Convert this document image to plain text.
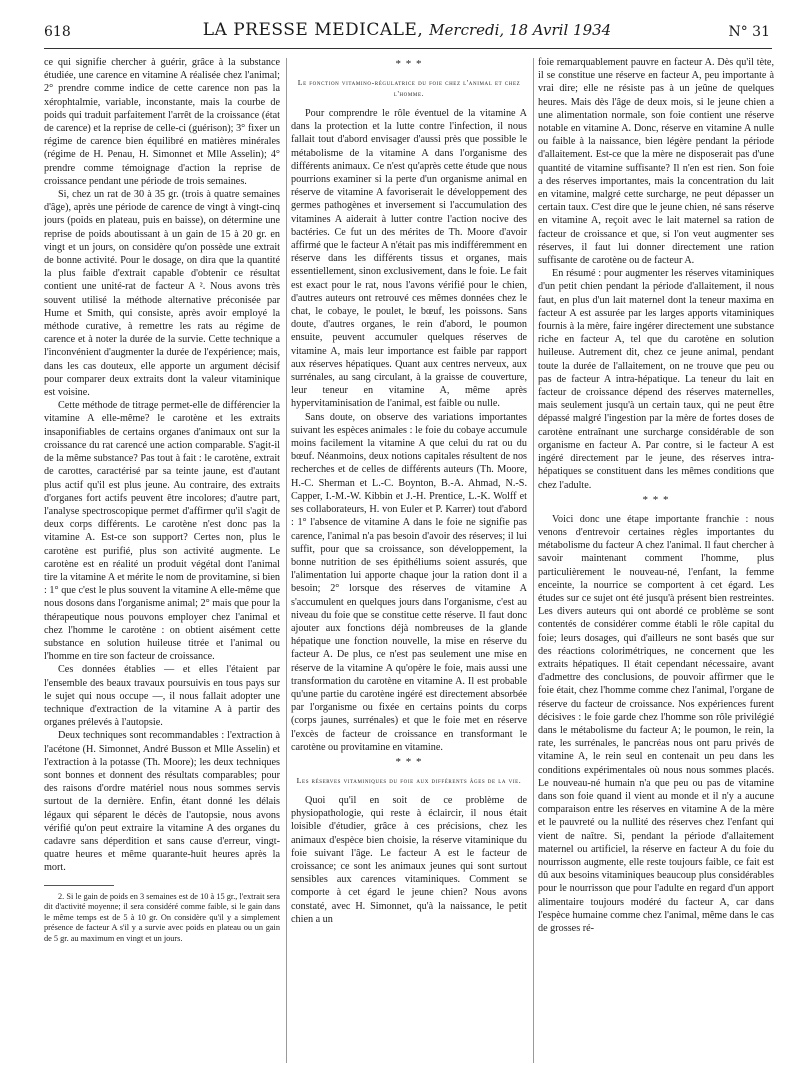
618	LA PRESSE MEDICALE, Mercredi, 18 Avril 1934	N° 31

ce qui signifie chercher à guérir, grâce à la substance étudiée, une carence en vitamine A réalisée chez l'animal; 2° prendre comme indice de cette carence non pas la xérophtalmie, variable, inconstante, mais la courbe de poids qui traduit parfaitement l'arrêt de la croissance (état de carence) et la reprise de celle-ci (guérison); 3° fixer un régime de carence bien équilibré en matières minérales (régime de H. Penau, H. Simonnet et Mlle Asselin); 4° prendre comme témoignage d'action la reprise de croissance pendant une période de trois semaines.

Si, chez un rat de 30 à 35 gr. (trois à quatre semaines d'âge), après une période de carence de vingt à vingt-cinq jours (poids en plateau, puis en baisse), on détermine une reprise de poids aboutissant à un gain de 15 à 20 gr. en vingt et un jours, on considère qu'on possède une extrait de bonne activité. Pour le dosage, on dira que la quantité la plus faible d'extrait capable d'obtenir ce résultat contient une unité-rat de facteur A ². Nous avons très souvent utilisé la méthode alternative préconisée par Hume et Smith, qui consiste, après avoir employé la méthode curative, à remettre les rats au régime de carence et à noter la durée de la survie. Cette technique a l'inconvénient d'augmenter la durée de l'expérience; mais, dans les cas douteux, elle apporte un argument décisif pour comparer deux extraits dont la valeur vitaminique est voisine.

Cette méthode de titrage permet-elle de différencier la vitamine A elle-même? le carotène et les extraits insaponifiables de certains organes d'animaux ont sur la croissance du rat carencé une action comparable. S'agit-il de la même substance? Pas tout à fait : le carotène, extrait de carottes, caractérisé par sa teinte jaune, est d'autant plus actif qu'il est plus jeune. Au contraire, des extraits d'organes fort actifs peuvent être incolores; d'autre part, l'analyse spectroscopique permet d'affirmer qu'il s'agit de deux corps différents. Le carotène n'est donc pas la vitamine A. Est-ce son support? Certes non, plus le carotène est purifié, plus son activité augmente. Le carotène est en réalité un produit végétal dont l'animal tire la vitamine A et mérite le nom de provitamine, si bien : 1° que c'est le plus souvent la vitamine A elle-même que nous dosons dans l'organisme animal; 2° mais que pour la thérapeutique nous pouvons employer chez l'animal et chez l'homme le carotène : on obtient aisément cette substance en solution huileuse titrée et l'animal ou l'homme en tire son facteur de croissance.

Ces données établies — et elles l'étaient par l'ensemble des beaux travaux poursuivis en tous pays sur le sujet qui nous occupe —, il nous fallait adopter une technique d'extraction de la vitamine A à partir des organes prélevés à l'autopsie.

Deux techniques sont recommandables : l'extraction à l'acétone (H. Simonnet, André Busson et Mlle Asselin) et l'extraction à la potasse (Th. Moore); les deux techniques sont bonnes et donnent des résultats comparables; pour des raisons d'ordre matériel nous nous sommes servis surtout de la dernière. Enfin, étant donné les délais légaux qui séparent le décès de l'autopsie, nous avons vérifié qu'on peut extraire la vitamine A des organes du cadavre sans déperdition et sans cause d'erreur, vingt-quatre heures et même quarante-huit heures après la mort.

2. Si le gain de poids en 3 semaines est de 10 à 15 gr., l'extrait sera dit d'activité moyenne; il sera considéré comme faible, si le gain dans le même temps est de 5 à 10 gr. On considère qu'il y a simplement présence de facteur A s'il y a survie avec poids en plateau ou un gain de 5 gr. au maximum en vingt et un jours.

* * *
Le fonction vitamino-régulatrice du foie chez l'animal et chez l'homme.

Pour comprendre le rôle éventuel de la vitamine A dans la protection et la lutte contre l'infection, il nous fallait tout d'abord envisager d'aussi près que possible le métabolisme de la vitamine A dans l'organisme des différents animaux. Ce n'est qu'après cette étude que nous pourrions examiner si la perte d'un organisme animal en réserve de vitamine A favoriserait le développement des germes pathogènes et inversement si l'accumulation des vitamines A aiderait à lutter contre l'action nocive des bactéries. Ce fut un des mérites de Th. Moore d'avoir affirmé que le facteur A n'était pas mis indifféremment en réserve dans les différents tissus et organes, mais essentiellement, sinon exclusivement, dans le foie. Le fait est exact pour le rat, nous l'avons vérifié pour le chien, d'autres auteurs ont retrouvé ces mêmes données chez le chat, le cobaye, le poulet, le bœuf, les poissons. Sans doute, d'autres organes, le rein d'abord, le poumon ensuite, peuvent accumuler quelques réserves de vitamine A, mais leur importance est faible par rapport aux réserves hépatiques. Quant aux centres nerveux, aux surrénales, au sang circulant, à la graisse de couverture, leur teneur en vitamine A, même après hypervitaminisation de l'animal, est faible ou nulle.

Sans doute, on observe des variations importantes suivant les espèces animales : le foie du cobaye accumule moins facilement la vitamine A que celui du rat ou du bœuf. Néanmoins, deux notions capitales résultent de nos recherches et de celles de différents auteurs (Th. Moore, H.-C. Sherman et L.-C. Boynton, B.-A. Ahmad, N.-S. Capper, I.-M.-W. Kibbin et J.-H. Prentice, L.-K. Wolff et ses collaborateurs, H. von Euler et P. Karrer) tout d'abord : 1° l'absence de vitamine A dans le foie ne signifie pas carence, l'animal n'a pas besoin d'avoir des réserves; il lui suffit, pour que sa croissance, son développement, la bonne nutrition de ses épithéliums soient assurés, que l'alimentation lui apporte chaque jour la ration dont il a besoin; 2° lorsque des réserves de vitamine A s'accumulent en quelques jours dans l'organisme, c'est au niveau du foie que se constitue cette réserve. Il faut donc ajouter aux fonctions déjà nombreuses de la glande hépatique une fonction nouvelle, la mise en réserve du facteur A. De plus, ce n'est pas seulement une mise en réserve de la vitamine A qu'opère le foie, mais aussi une transformation du carotène en vitamine A. Il est probable qu'une partie du carotène ingéré est directement absorbée par l'organisme ou fixée en certains points du corps (corps jaunes, surrénales) et que le foie met en réserve l'excès de facteur de croissance en transformant le carotène ou provitamine en vitamine.

* * *
Les réserves vitaminiques du foie aux différents âges de la vie.

Quoi qu'il en soit de ce problème de physiopathologie, qui reste à éclaircir, il nous était loisible d'étudier, grâce à ces précisions, chez les animaux d'espèce bien choisie, la réserve vitaminique du foie suivant l'âge. Le facteur A est le facteur de croissance; ce sont les animaux jeunes qui sont surtout sensibles aux carences vitaminiques. Comment se comporte à cet égard le jeune chien? Nous avons constaté, avec H. Simonnet, qu'à la naissance, le petit chien a un

foie remarquablement pauvre en facteur A. Dès qu'il tète, il se constitue une réserve en facteur A, peu importante à vrai dire; elle ne résiste pas à un jeûne de quelques heures. Mais dès l'âge de deux mois, si le jeune chien a une alimentation normale, son foie contient une réserve notable en vitamine A. Donc, réserve en vitamine A nulle ou faible à la naissance, bien légère pendant la période d'allaitement. Est-ce que la mère ne disposerait pas d'une quantité de vitamine suffisante? Il n'en est rien. Son foie a des réserves importantes, mais la concentration du lait en vitamine, malgré cette surcharge, ne peut dépasser un certain taux. C'est dire que le jeune chien, né sans réserve en vitamine A, reçoit avec le lait maternel sa ration de facteur de croissance et que, si l'on veut augmenter ses réserves, il faut lui donner directement une ration suffisante de carotène ou de facteur A.

En résumé : pour augmenter les réserves vitaminiques d'un petit chien pendant la période d'allaitement, il nous faut, en plus d'un lait maternel dont la teneur maxima en facteur A est assurée par les larges apports vitaminiques fournis à la mère, faire ingérer directement une substance riche en facteur A, tel que du carotène en solution huileuse. Autrement dit, chez ce jeune animal, pendant toute la durée de l'allaitement, on ne trouve que peu ou pas de facteur A intra-hépatique. La teneur du lait en facteur de croissance dépend des réserves maternelles, mais seulement jusqu'à un certain taux, qui ne peut être dépassé malgré l'ingestion par la mère de fortes doses de carotène entraînant une surcharge considérable de son organisme en facteur A. Par contre, si le facteur A est ingéré directement par le jeune, des réserves intra-hépatiques se constituent dans les mêmes conditions que chez l'adulte.

* * *

Voici donc une étape importante franchie : nous venons d'entrevoir certaines règles importantes du métabolisme du facteur A chez l'animal. Il faut chercher à savoir maintenant comment l'homme, plus particulièrement le nouveau-né, l'enfant, la femme enceinte, la nourrice se comportent à cet égard. Les études sur ce sujet ont été jusqu'à présent bien restreintes. Les divers auteurs qui ont abordé ce problème se sont contentés de considérer comme établi le rôle capital du foie; leurs dosages, qui d'ailleurs ne sont basés que sur des réactions colorimétriques, ne concernent que les extraits hépatiques. Il était cependant nécessaire, avant d'admettre des conclusions, de pouvoir affirmer que le foie était, chez l'homme comme chez l'animal, l'organe de réserve du facteur de croissance. Nos expériences furent décisives : le foie garde chez l'homme son rôle privilégié dans le métabolisme du facteur A; le poumon, le rein, la rate, les surrénales, le pancréas nous ont paru privés de vitamine A, le rein seul en contenait un peu dans les conditions expérimentales où nous nous sommes placés. Le nouveau-né humain n'a que peu ou pas de vitamine dans son foie quand il vient au monde et il n'y a aucune comparaison entre les réserves en vitamine A de la mère et le pauvreté ou la nullité des réserves chez l'enfant qui vient de naître. Si, pendant la période d'allaitement maternel ou artificiel, la réserve en facteur A du foie du nourrisson augmente, elle reste toujours faible, ce fait est dû aux besoins vitaminiques beaucoup plus considérables pour le nourrisson que pour l'adulte en regard d'un apport alimentaire toujours modéré du facteur A, car dans l'espèce humaine comme chez l'animal, même dans le cas de grosses ré-
